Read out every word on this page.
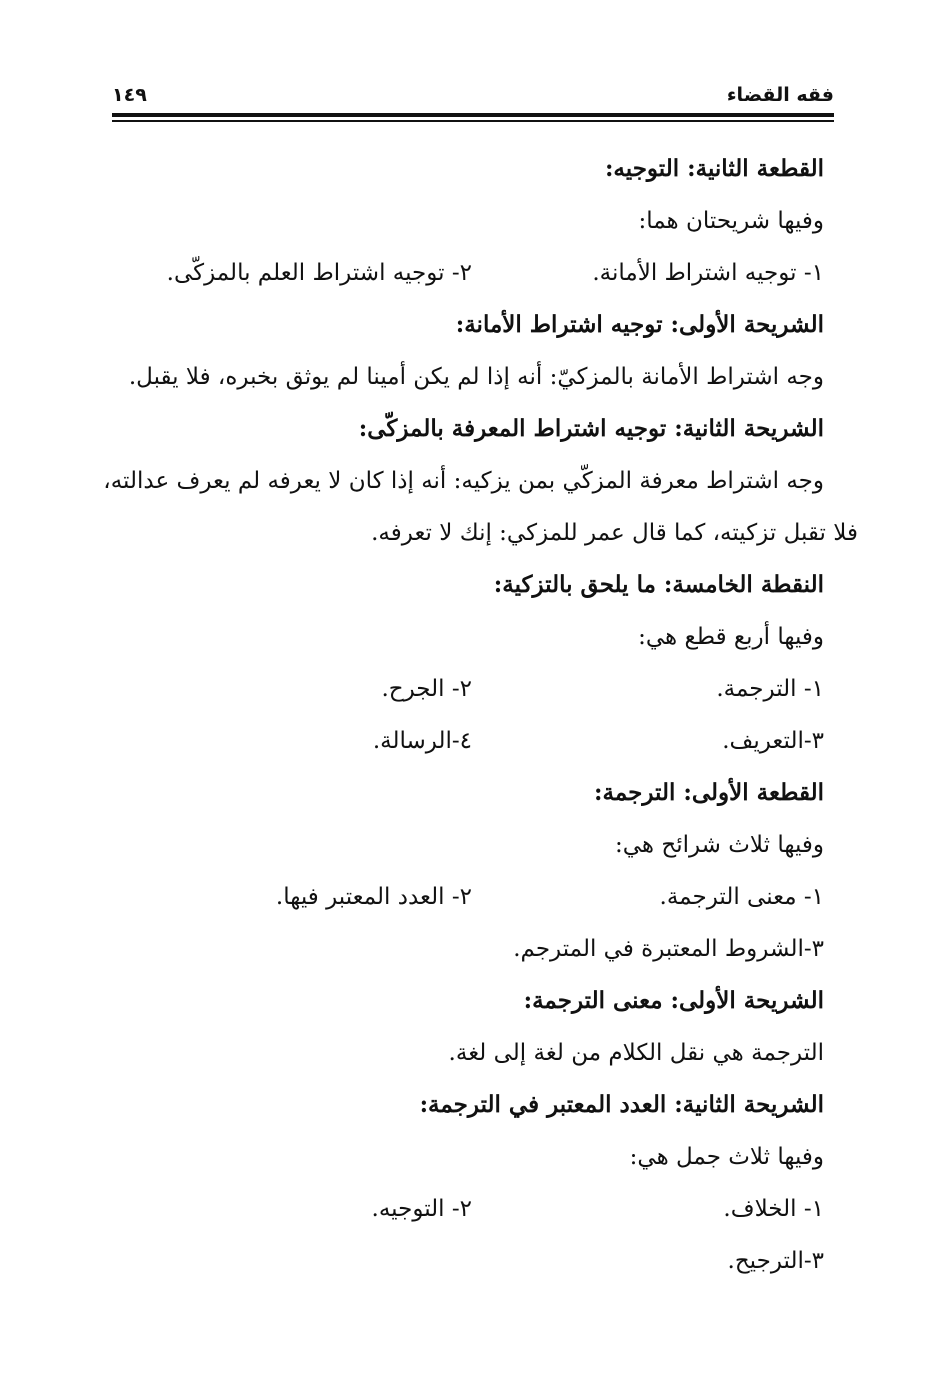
فقه القضاء
١٤٩
القطعة الثانية: التوجيه:
وفيها شريحتان هما:
١- توجيه اشتراط الأمانة.
٢- توجيه اشتراط العلم بالمزكّى.
الشريحة الأولى: توجيه اشتراط الأمانة:
وجه اشتراط الأمانة بالمزكيّ: أنه إذا لم يكن أمينا لم يوثق بخبره، فلا يقبل.
الشريحة الثانية: توجيه اشتراط المعرفة بالمزكّى:
وجه اشتراط معرفة المزكّي بمن يزكيه: أنه إذا كان لا يعرفه لم يعرف عدالته،
فلا تقبل تزكيته، كما قال عمر للمزكي: إنك لا تعرفه.
النقطة الخامسة: ما يلحق بالتزكية:
وفيها أربع قطع هي:
١- الترجمة.
٢- الجرح.
٣-التعريف.
٤-الرسالة.
القطعة الأولى: الترجمة:
وفيها ثلاث شرائح هي:
١- معنى الترجمة.
٢- العدد المعتبر فيها.
٣-الشروط المعتبرة في المترجم.
الشريحة الأولى: معنى الترجمة:
الترجمة هي نقل الكلام من لغة إلى لغة.
الشريحة الثانية: العدد المعتبر في الترجمة:
وفيها ثلاث جمل هي:
١- الخلاف.
٢- التوجيه.
٣-الترجيح.
